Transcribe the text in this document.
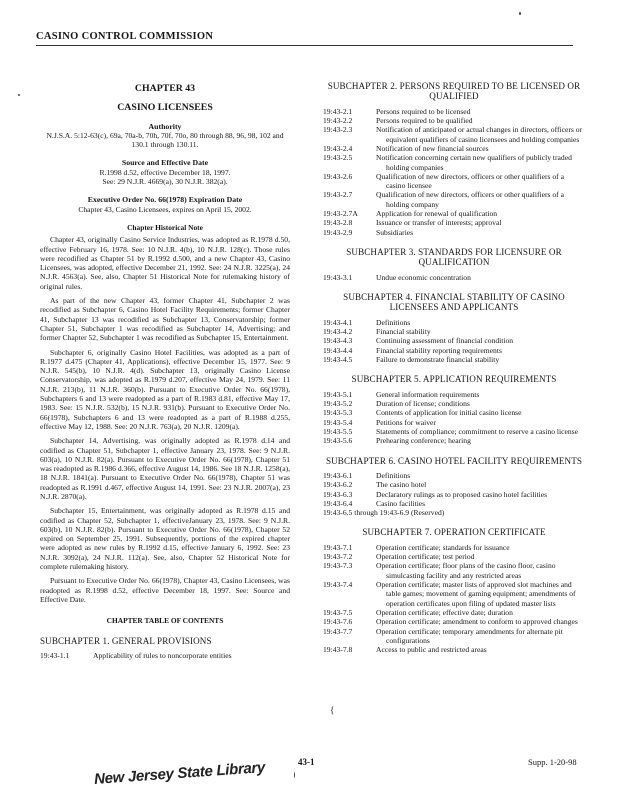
CASINO CONTROL COMMISSION
CHAPTER 43
CASINO LICENSEES
Authority
N.J.S.A. 5:12-63(c), 69a, 70a-b, 70h, 70f, 70o, 80 through 88, 96, 98, 102 and 130.1 through 130.11.
Source and Effective Date
R.1998 d.52, effective December 18, 1997.
See: 29 N.J.R. 4669(a), 30 N.J.R. 382(a).
Executive Order No. 66(1978) Expiration Date
Chapter 43, Casino Licensees, expires on April 15, 2002.
Chapter Historical Note

Chapter 43, originally Casino Service Industries, was adopted as R.1978 d.50, effective February 16, 1978. See: 10 N.J.R. 4(b), 10 N.J.R. 128(c). Those rules were recodified as Chapter 51 by R.1992 d.500, and a new Chapter 43, Casino Licensees, was adopted, effective December 21, 1992. See: 24 N.J.R. 3225(a), 24 N.J.R. 4563(a). See, also, Chapter 51 Historical Note for rulemaking history of original rules.

As part of the new Chapter 43, former Chapter 41, Subchapter 2 was recodified as Subchapter 6, Casino Hotel Facility Requirements; former Chapter 41, Subchapter 13 was recodified as Subchapter 13, Conservatorship; former Chapter 51, Subchapter 1 was recodified as Subchapter 14, Advertising; and former Chapter 52, Subchapter 1 was recodified as Subchapter 15, Entertainment.

Subchapter 6, originally Casino Hotel Facilities, was adopted as a part of R.1977 d.475 (Chapter 41, Applications), effective December 15, 1977. See: 9 N.J.R. 545(b), 10 N.J.R. 4(d). Subchapter 13, originally Casino License Conservatorship, was adopted as R.1979 d.207, effective May 24, 1979. See: 11 N.J.R. 213(b), 11 N.J.R. 360(b). Pursuant to Executive Order No. 66(1978), Subchapters 6 and 13 were readopted as a part of R.1983 d.81, effective May 17, 1983. See: 15 N.J.R. 532(b), 15 N.J.R. 931(b). Pursuant to Executive Order No. 66(1978), Subchapters 6 and 13 were readopted as a part of R.1988 d.255, effective May 12, 1988. See: 20 N.J.R. 763(a), 20 N.J.R. 1209(a).

Subchapter 14, Advertising, was originally adopted as R.1978 d.14 and codified as Chapter 51, Subchapter 1, effective January 23, 1978. See: 9 N.J.R. 603(a), 10 N.J.R. 82(a). Pursuant to Executive Order No. 66(1978), Chapter 51 was readopted as R.1986 d.366, effective August 14, 1986. See 18 N.J.R. 1258(a), 18 N.J.R. 1841(a). Pursuant to Executive Order No. 66(1978), Chapter 51 was readopted as R.1991 d.467, effective August 14, 1991. See: 23 N.J.R. 2007(a), 23 N.J.R. 2870(a).

Subchapter 15, Entertainment, was originally adopted as R.1978 d.15 and codified as Chapter 52, Subchapter 1, effectiveJanuary 23, 1978. See: 9 N.J.R. 603(b), 10 N.J.R. 82(b). Pursuant to Executive Order No. 66(1978), Chapter 52 expired on September 25, 1991. Subsequently, portions of the expired chapter were adopted as new rules by R.1992 d.15, effective January 6, 1992. See: 23 N.J.R. 3092(a), 24 N.J.R. 112(a). See, also, Chapter 52 Historical Note for complete rulemaking history.

Pursuant to Executive Order No. 66(1978), Chapter 43, Casino Licensees, was readopted as R.1998 d.52, effective December 18, 1997. See: Source and Effective Date.

CHAPTER TABLE OF CONTENTS
SUBCHAPTER 1. GENERAL PROVISIONS
19:43-1.1	Applicability of rules to noncorporate entities
SUBCHAPTER 2. PERSONS REQUIRED TO BE LICENSED OR QUALIFIED
19:43-2.1	Persons required to be licensed
19:43-2.2	Persons required to be qualified
19:43-2.3	Notification of anticipated or actual changes in directors, officers or equivalent qualifiers of casino licensees and holding companies
19:43-2.4	Notification of new financial sources
19:43-2.5	Notification concerning certain new qualifiers of publicly traded holding companies
19:43-2.6	Qualification of new directors, officers or other qualifiers of a casino licensee
19:43-2.7	Qualification of new directors, officers or other qualifiers of a holding company
19:43-2.7A	Application for renewal of qualification
19:43-2.8	Issuance or transfer of interests; approval
19:43-2.9	Subsidiaries
SUBCHAPTER 3. STANDARDS FOR LICENSURE OR QUALIFICATION
19:43-3.1	Undue economic concentration
SUBCHAPTER 4. FINANCIAL STABILITY OF CASINO LICENSEES AND APPLICANTS
19:43-4.1	Definitions
19:43-4.2	Financial stability
19:43-4.3	Continuing assessment of financial condition
19:43-4.4	Financial stability reporting requirements
19:43-4.5	Failure to demonstrate financial stability
SUBCHAPTER 5. APPLICATION REQUIREMENTS
19:43-5.1	General information requirements
19:43-5.2	Duration of license; conditions
19:43-5.3	Contents of application for initial casino license
19:43-5.4	Petitions for waiver
19:43-5.5	Statements of compliance; commitment to reserve a casino license
19:43-5.6	Prehearing conference; hearing
SUBCHAPTER 6. CASINO HOTEL FACILITY REQUIREMENTS
19:43-6.1	Definitions
19:43-6.2	The casino hotel
19:43-6.3	Declaratory rulings as to proposed casino hotel facilities
19:43-6.4	Casino facilities
19:43-6.5 through 19:43-6.9 (Reserved)
SUBCHAPTER 7. OPERATION CERTIFICATE
19:43-7.1	Operation certificate; standards for issuance
19:43-7.2	Operation certificate; test period
19:43-7.3	Operation certificate; floor plans of the casino floor, casino simulcasting facility and any restricted areas
19:43-7.4	Operation certificate; master lists of approved slot machines and table games; movement of gaming equipment; amendments of operation certificates upon filing of updated master lists
19:43-7.5	Operation certificate; effective date; duration
19:43-7.6	Operation certificate; amendment to conform to approved changes
19:43-7.7	Operation certificate; temporary amendments for alternate pit configurations
19:43-7.8	Access to public and restricted areas
{
43-1	Supp. 1-20-98
New Jersey State Library
